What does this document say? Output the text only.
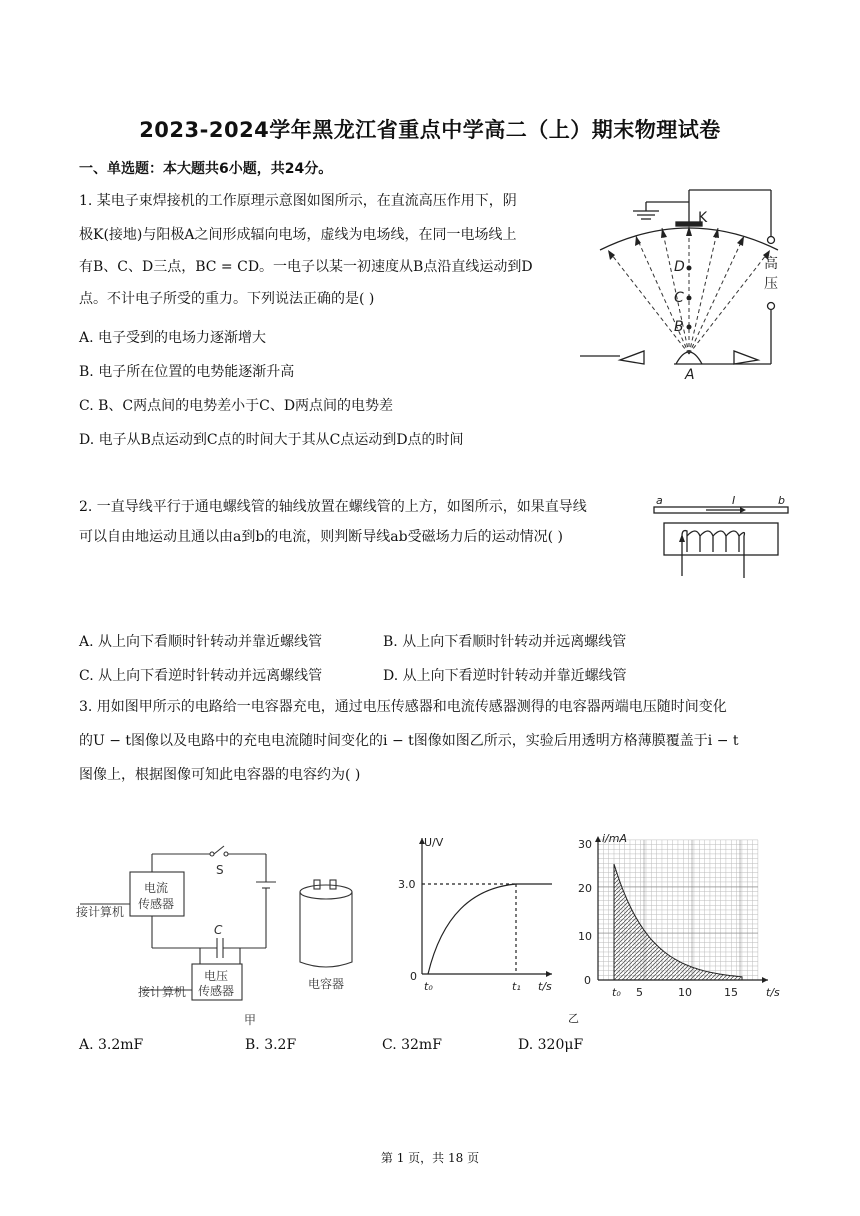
2023-2024学年黑龙江省重点中学高二（上）期末物理试卷
一、单选题：本大题共6小题，共24分。
1. 某电子束焊接机的工作原理示意图如图所示，在直流高压作用下，阴
极K(接地)与阳极A之间形成辐向电场，虚线为电场线，在同一电场线上
有B、C、D三点，BC = CD。一电子以某一初速度从B点沿直线运动到D
点。不计电子所受的重力。下列说法正确的是( )
A. 电子受到的电场力逐渐增大
B. 电子所在位置的电势能逐渐升高
C. B、C两点间的电势差小于C、D两点间的电势差
D. 电子从B点运动到C点的时间大于其从C点运动到D点的时间
K
D
C
B
A
高
压
2. 一直导线平行于通电螺线管的轴线放置在螺线管的上方，如图所示，如果直导线
可以自由地运动且通以由a到b的电流，则判断导线ab受磁场力后的运动情况( )
a	I	b
A. 从上向下看顺时针转动并靠近螺线管	B. 从上向下看顺时针转动并远离螺线管
C. 从上向下看逆时针转动并远离螺线管	D. 从上向下看逆时针转动并靠近螺线管
3. 用如图甲所示的电路给一电容器充电，通过电压传感器和电流传感器测得的电容器两端电压随时间变化
的U − t图像以及电路中的充电电流随时间变化的i − t图像如图乙所示，实验后用透明方格薄膜覆盖于i − t
图像上，根据图像可知此电容器的电容约为( )
S
电流
传感器
接计算机
C
电压
传感器
接计算机
电容器
甲
U/V
3.0
0
t₀	t₁ t/s
i/mA
30
20
10
0
t₀ 5	10	15	t/s
乙
A. 3.2mF	B. 3.2F	C. 32mF	D. 320μF
第 1 页，共 18 页
